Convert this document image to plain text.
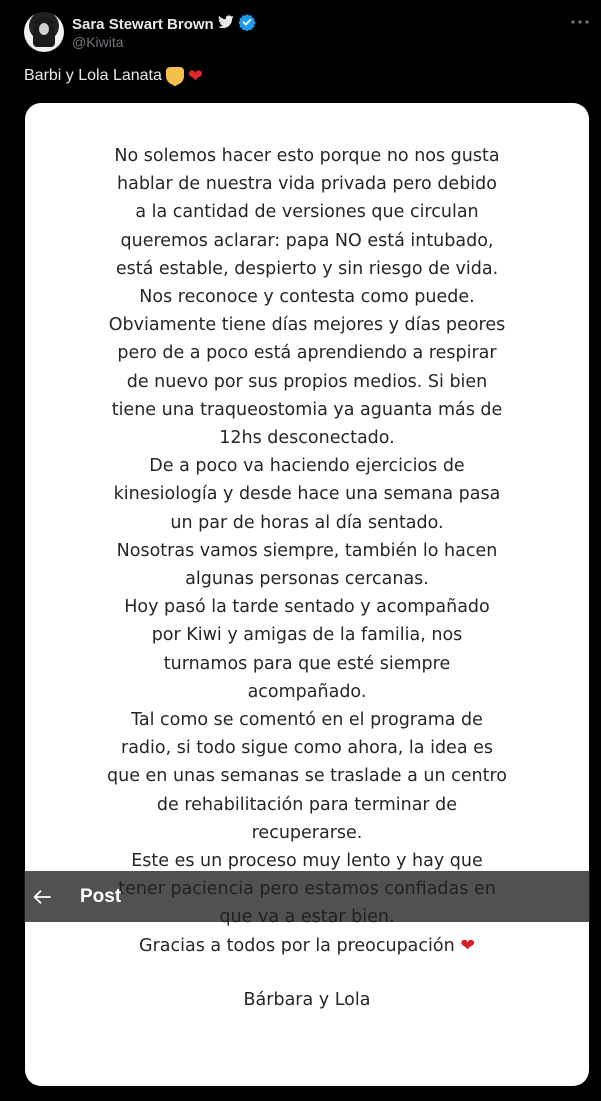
Sara Stewart Brown
@Kiwita
Barbi y Lola Lanata ❤
No solemos hacer esto porque no nos gusta
hablar de nuestra vida privada pero debido
a la cantidad de versiones que circulan
queremos aclarar: papa NO está intubado,
está estable, despierto y sin riesgo de vida.
Nos reconoce y contesta como puede.
Obviamente tiene días mejores y días peores
pero de a poco está aprendiendo a respirar
de nuevo por sus propios medios. Si bien
tiene una traqueostomia ya aguanta más de
12hs desconectado.
De a poco va haciendo ejercicios de
kinesiología y desde hace una semana pasa
un par de horas al día sentado.
Nosotras vamos siempre, también lo hacen
algunas personas cercanas.
Hoy pasó la tarde sentado y acompañado
por Kiwi y amigas de la familia, nos
turnamos para que esté siempre
acompañado.
Tal como se comentó en el programa de
radio, si todo sigue como ahora, la idea es
que en unas semanas se traslade a un centro
de rehabilitación para terminar de
recuperarse.
Este es un proceso muy lento y hay que
Gracias a todos por la preocupación ❤
Bárbara y Lola
Post
